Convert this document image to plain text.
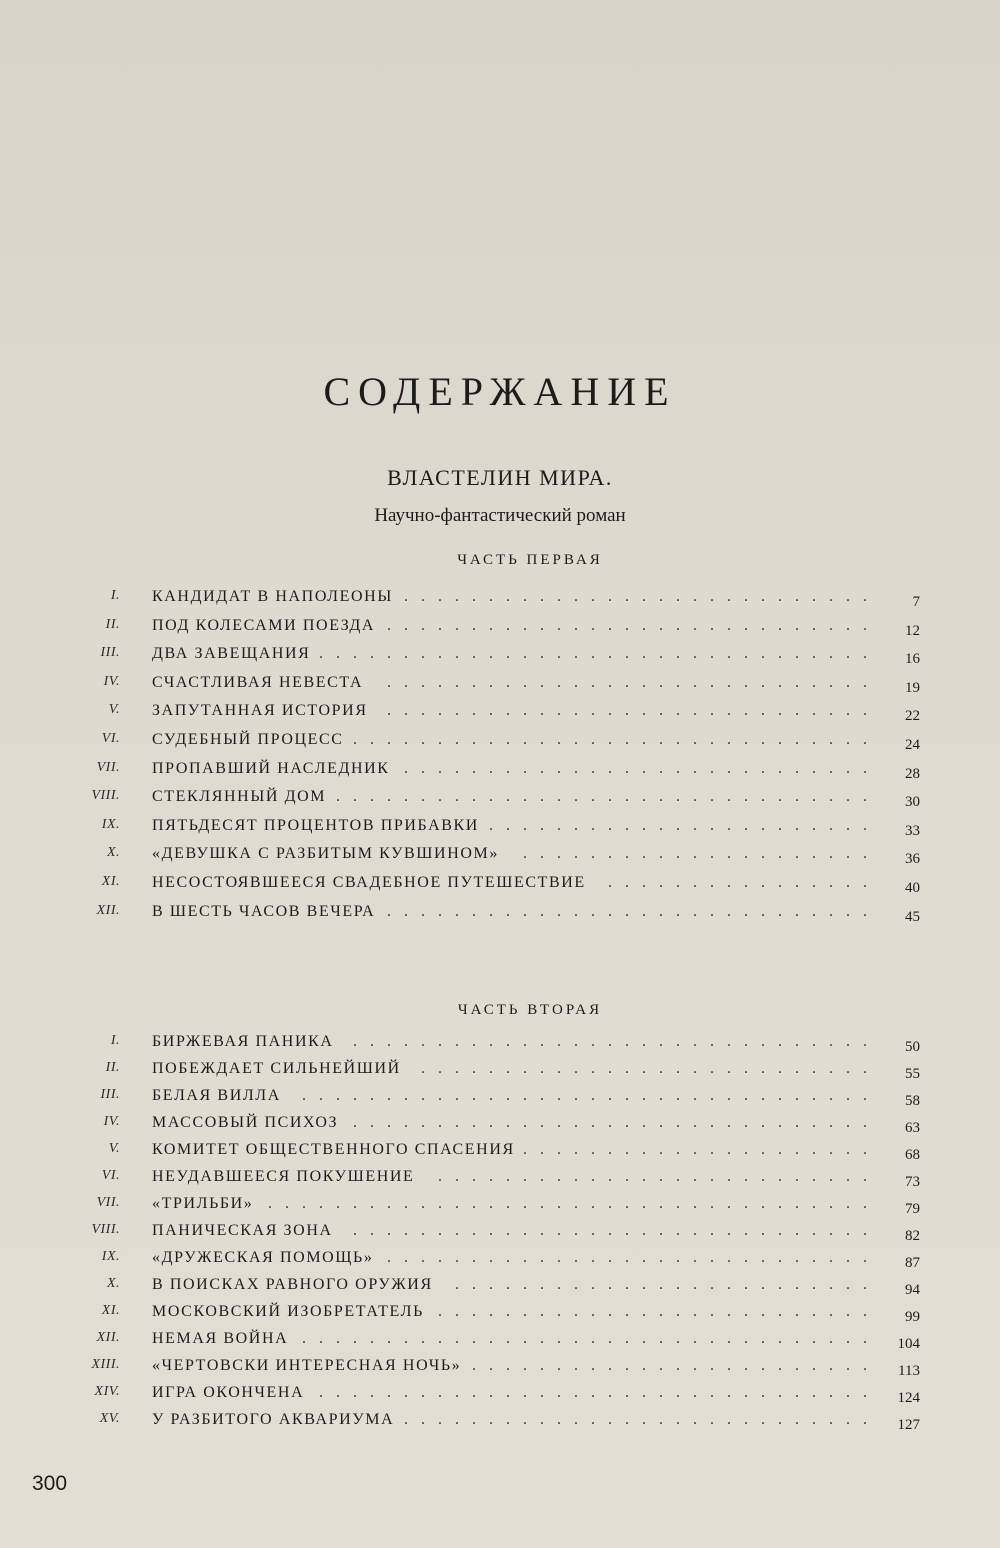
СОДЕРЖАНИЕ
ВЛАСТЕЛИН МИРА.
Научно-фантастический роман
ЧАСТЬ ПЕРВАЯ
I. КАНДИДАТ В НАПОЛЕОНЫ ............................	7
II. ПОД КОЛЕСАМИ ПОЕЗДА .............................	12
III. ДВА ЗАВЕЩАНИЯ .................................	16
IV. СЧАСТЛИВАЯ НЕВЕСТА	.............................	19
V. ЗАПУТАННАЯ ИСТОРИЯ	.............................	22
VI. СУДЕБНЫЙ ПРОЦЕСС ...............................	24
VII. ПРОПАВШИЙ НАСЛЕДНИК ............................	28
VIII. СТЕКЛЯННЫЙ ДОМ ................................	30
IX. ПЯТЬДЕСЯТ ПРОЦЕНТОВ ПРИБАВКИ .......................	33
X. «ДЕВУШКА С РАЗБИТЫМ КУВШИНОМ»	.....................	36
XI. НЕСОСТОЯВШЕЕСЯ СВАДЕБНОЕ ПУТЕШЕСТВИЕ	................	40
XII. В ШЕСТЬ ЧАСОВ ВЕЧЕРА .............................	45
ЧАСТЬ ВТОРАЯ
I. БИРЖЕВАЯ ПАНИКА	...............................	50
II. ПОБЕЖДАЕТ СИЛЬНЕЙШИЙ	...........................	55
III. БЕЛАЯ ВИЛЛА	..................................	58
IV. МАССОВЫЙ ПСИХОЗ ...............................	63
V. КОМИТЕТ ОБЩЕСТВЕННОГО СПАСЕНИЯ .....................	68
VI. НЕУДАВШЕЕСЯ ПОКУШЕНИЕ	..........................	73
VII. «ТРИЛЬБИ» ....................................	79
VIII. ПАНИЧЕСКАЯ ЗОНА	...............................	82
IX. «ДРУЖЕСКАЯ ПОМОЩЬ» .............................	87
X. В ПОИСКАХ РАВНОГО ОРУЖИЯ	.........................	94
XI. МОСКОВСКИЙ ИЗОБРЕТАТЕЛЬ ..........................	99
XII. НЕМАЯ ВОЙНА ..................................	104
XIII. «ЧЕРТОВСКИ ИНТЕРЕСНАЯ НОЧЬ» ........................	113
XIV. ИГРА ОКОНЧЕНА .................................	124
XV. У РАЗБИТОГО АКВАРИУМА ............................	127
300
